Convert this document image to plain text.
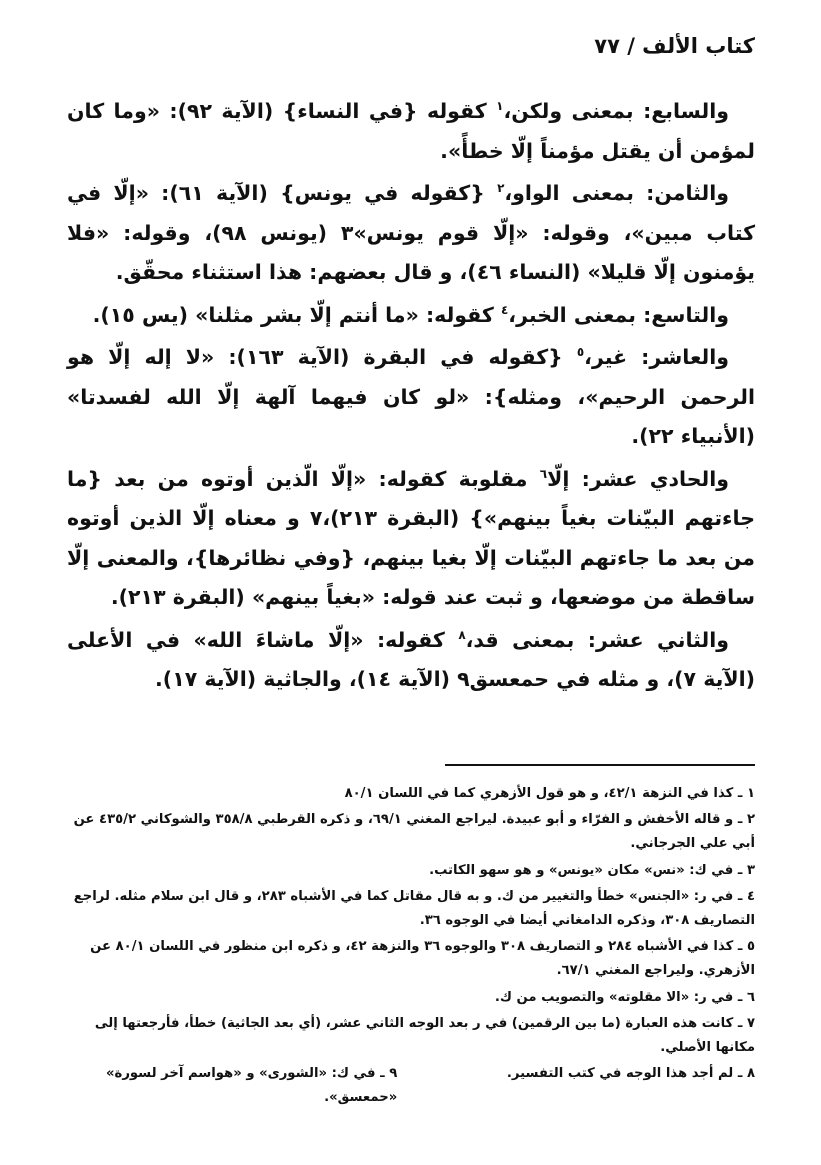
كتاب الألف / ٧٧

والسابع: بمعنى ولكن،$^١$ كقوله {في النساء} (الآية ٩٢): «وما كان لمؤمن أن يقتل مؤمناً إلّا خطأً».

والثامن: بمعنى الواو،$^٢$ {كقوله في يونس} (الآية ٦١): «إلّا في كتاب مبين»، وقوله: «إلّا قوم يونس»٣ (يونس ٩٨)، وقوله: «فلا يؤمنون إلّا قليلا» (النساء ٤٦)، و قال بعضهم: هذا استثناء محقّق.

والتاسع: بمعنى الخبر،$^٤$ كقوله: «ما أنتم إلّا بشر مثلنا» (يس ١٥).

والعاشر: غير،$^٥$ {كقوله في البقرة (الآية ١٦٣): «لا إله إلّا هو الرحمن الرحيم»، ومثله}: «لو كان فيهما آلهة إلّا الله لفسدتا» (الأنبياء ٢٢).

والحادي عشر: إلّا$^٦$ مقلوبة كقوله: «إلّا الّذين أوتوه من بعد {ما جاءتهم البيّنات بغياً بينهم»} (البقرة ٢١٣)،٧ و معناه إلّا الذين أوتوه من بعد ما جاءتهم البيّنات إلّا بغيا بينهم، {وفي نظائرها}، والمعنى إلّا ساقطة من موضعها، و ثبت عند قوله: «بغياً بينهم» (البقرة ٢١٣).

والثاني عشر: بمعنى قد،$^٨$ كقوله: «إلّا ماشاءَ الله» في الأعلى (الآية ٧)، و مثله في حمعسق٩ (الآية ١٤)، والجاثية (الآية ١٧).

١ ـ كذا في النزهة ٤٢/١، و هو قول الأزهري كما في اللسان ٨٠/١
٢ ـ و قاله الأخفش و الفرّاء و أبو عبيدة. ليراجع المغني ٦٩/١، و ذكره القرطبي ٣٥٨/٨ والشوكاني ٤٣٥/٢ عن أبي علي الجرجاني.
٣ ـ في ك: «نس» مكان «يونس» و هو سهو الكاتب.
٤ ـ في ر: «الجنس» خطأ والتغيير من ك. و به قال مقاتل كما في الأشباه ٢٨٣، و قال ابن سلام مثله. لراجع التصاريف ٣٠٨، وذكره الدامغاني أيضا في الوجوه ٣٦.
٥ ـ كذا في الأشباه ٢٨٤ و التصاريف ٣٠٨ والوجوه ٣٦ والنزهة ٤٢، و ذكره ابن منظور في اللسان ٨٠/١ عن الأزهري. وليراجع المغني ٦٧/١.
٦ ـ في ر: «الا مقلوته» والتصويب من ك.
٧ ـ كانت هذه العبارة (ما بين الرقمين) في ر بعد الوجه الثاني عشر، (أي بعد الجاثية) خطأ، فأرجعتها إلى مكانها الأصلي.
٨ ـ لم أجد هذا الوجه في كتب التفسير.
٩ ـ في ك: «الشورى» و «هواسم آخر لسورة» «حمعسق».
